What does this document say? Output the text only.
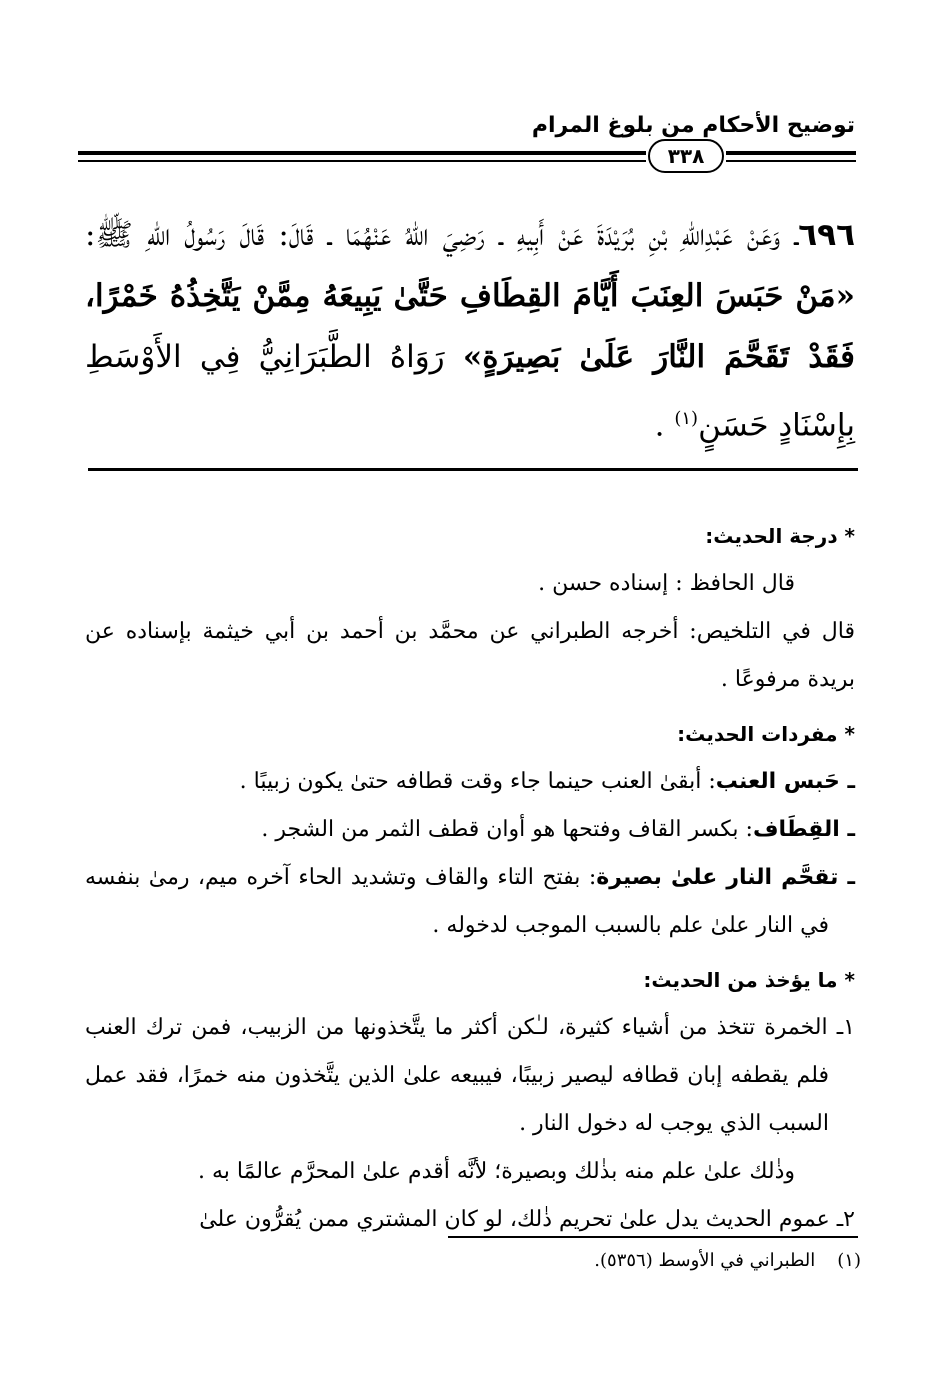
توضيح الأحكام من بلوغ المرام
٣٣٨
٦٩٦ـ وَعَنْ عَبْدِاللهِ بْنِ بُرَيْدَةَ عَنْ أَبِيهِ ـ رَضِيَ اللهُ عَنْهُمَا ـ قَالَ: قَالَ رَسُولُ اللهِ ﷺ: «مَنْ حَبَسَ العِنَبَ أَيَّامَ القِطَافِ حَتَّىٰ يَبِيعَهُ مِمَّنْ يَتَّخِذُهُ خَمْرًا، فَقَدْ تَقَحَّمَ النَّارَ عَلَىٰ بَصِيرَةٍ» رَوَاهُ الطَّبَرَانِيُّ فِي الأَوْسَطِ بِإِسْنَادٍ حَسَنٍ$^{(١)}$ .

* درجة الحديث:

قال الحافظ : إسناده حسن .

قال في التلخيص: أخرجه الطبراني عن محمَّد بن أحمد بن أبي خيثمة بإسناده عن بريدة مرفوعًا .

* مفردات الحديث:

ـ حَبس العنب: أبقىٰ العنب حينما جاء وقت قطافه حتىٰ يكون زبيبًا .

ـ القِطَاف: بكسر القاف وفتحها هو أوان قطف الثمر من الشجر .

ـ تقحَّم النار علىٰ بصيرة: بفتح التاء والقاف وتشديد الحاء آخره ميم، رمىٰ بنفسه في النار علىٰ علم بالسبب الموجب لدخوله .

* ما يؤخذ من الحديث:

١ـ الخمرة تتخذ من أشياء كثيرة، لـٰكن أكثر ما يتَّخذونها من الزبيب، فمن ترك العنب فلم يقطفه إبان قطافه ليصير زبيبًا، فيبيعه علىٰ الذين يتَّخذون منه خمرًا، فقد عمل السبب الذي يوجب له دخول النار .

وذٰلك علىٰ علم منه بذٰلك وبصيرة؛ لأنَّه أقدم علىٰ المحرَّم عالمًا به .

٢ـ عموم الحديث يدل علىٰ تحريم ذٰلك، لو كان المشتري ممن يُقرُّون علىٰ

(١)الطبراني في الأوسط (٥٣٥٦).
